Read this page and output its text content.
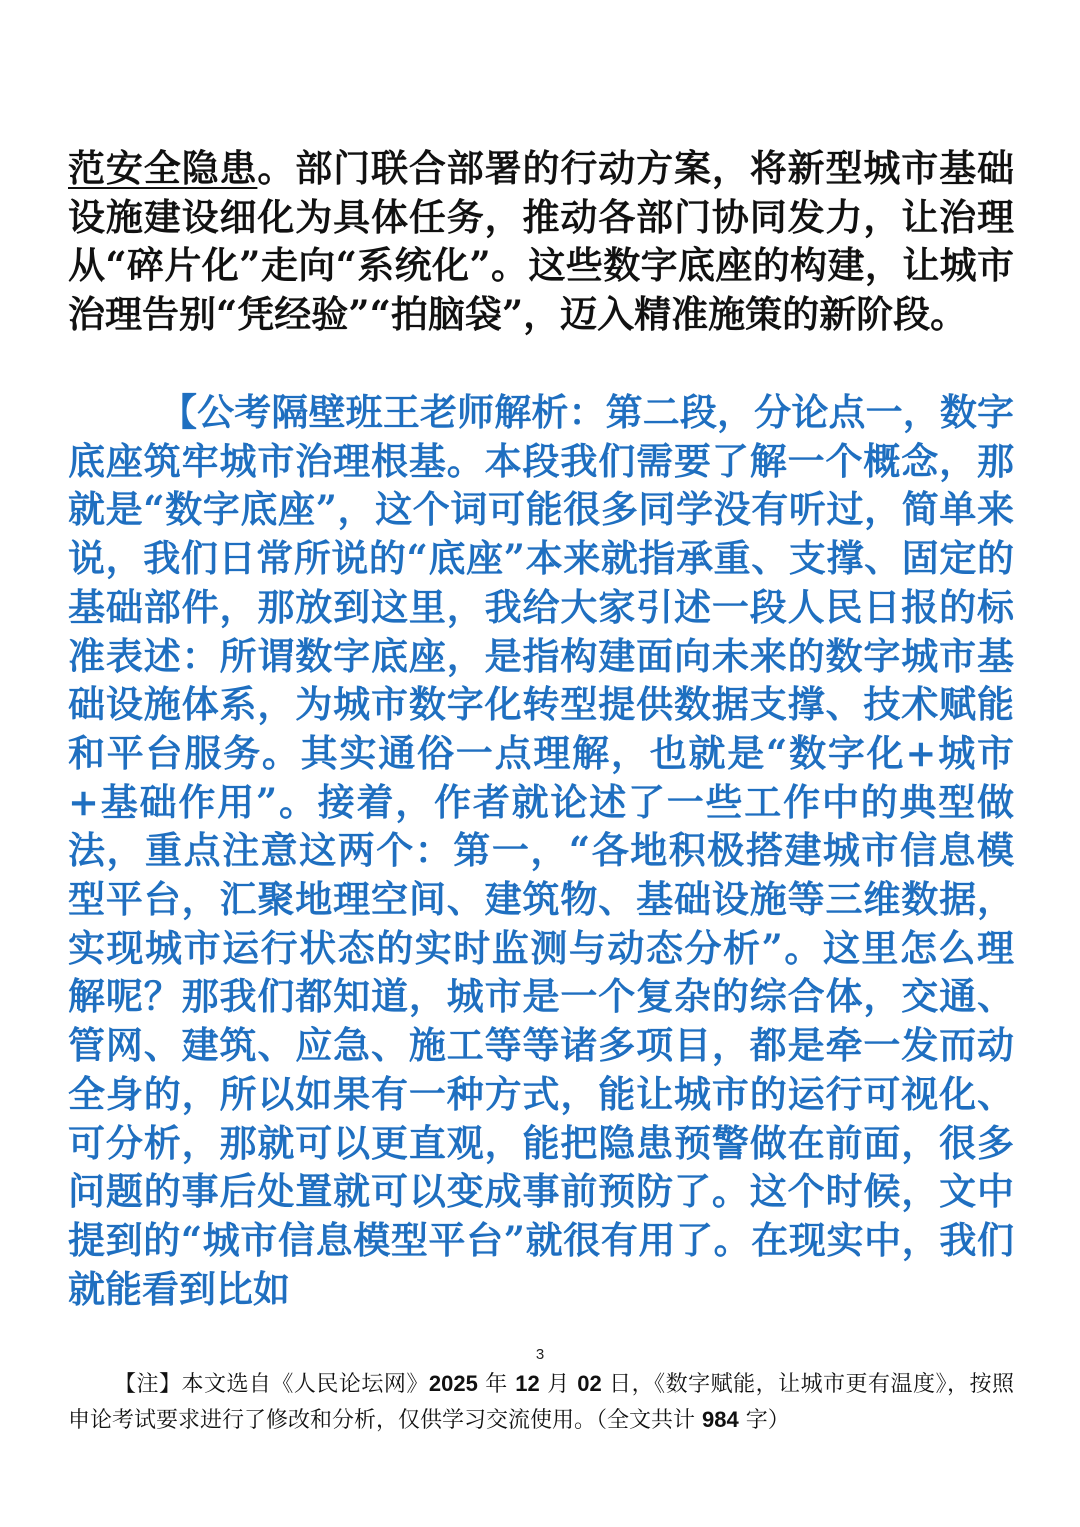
范安全隐患。部门联合部署的行动方案，将新型城市基础设施建设细化为具体任务，推动各部门协同发力，让治理从“碎片化”走向“系统化”。这些数字底座的构建，让城市治理告别“凭经验”“拍脑袋”，迈入精准施策的新阶段。
【公考隔壁班王老师解析：第二段，分论点一，数字底座筑牢城市治理根基。本段我们需要了解一个概念，那就是“数字底座”，这个词可能很多同学没有听过，简单来说，我们日常所说的“底座”本来就指承重、支撑、固定的基础部件，那放到这里，我给大家引述一段人民日报的标准表述：所谓数字底座，是指构建面向未来的数字城市基础设施体系，为城市数字化转型提供数据支撑、技术赋能和平台服务。其实通俗一点理解，也就是“数字化+城市+基础作用”。接着，作者就论述了一些工作中的典型做法，重点注意这两个：第一，“各地积极搭建城市信息模型平台，汇聚地理空间、建筑物、基础设施等三维数据，实现城市运行状态的实时监测与动态分析”。这里怎么理解呢？那我们都知道，城市是一个复杂的综合体，交通、管网、建筑、应急、施工等等诸多项目，都是牵一发而动全身的，所以如果有一种方式，能让城市的运行可视化、可分析，那就可以更直观，能把隐患预警做在前面，很多问题的事后处置就可以变成事前预防了。这个时候，文中提到的“城市信息模型平台”就很有用了。在现实中，我们就能看到比如
3
【注】本文选自《人民论坛网》2025 年 12 月 02 日，《数字赋能，让城市更有温度》，按照申论考试要求进行了修改和分析，仅供学习交流使用。（全文共计 984 字）
